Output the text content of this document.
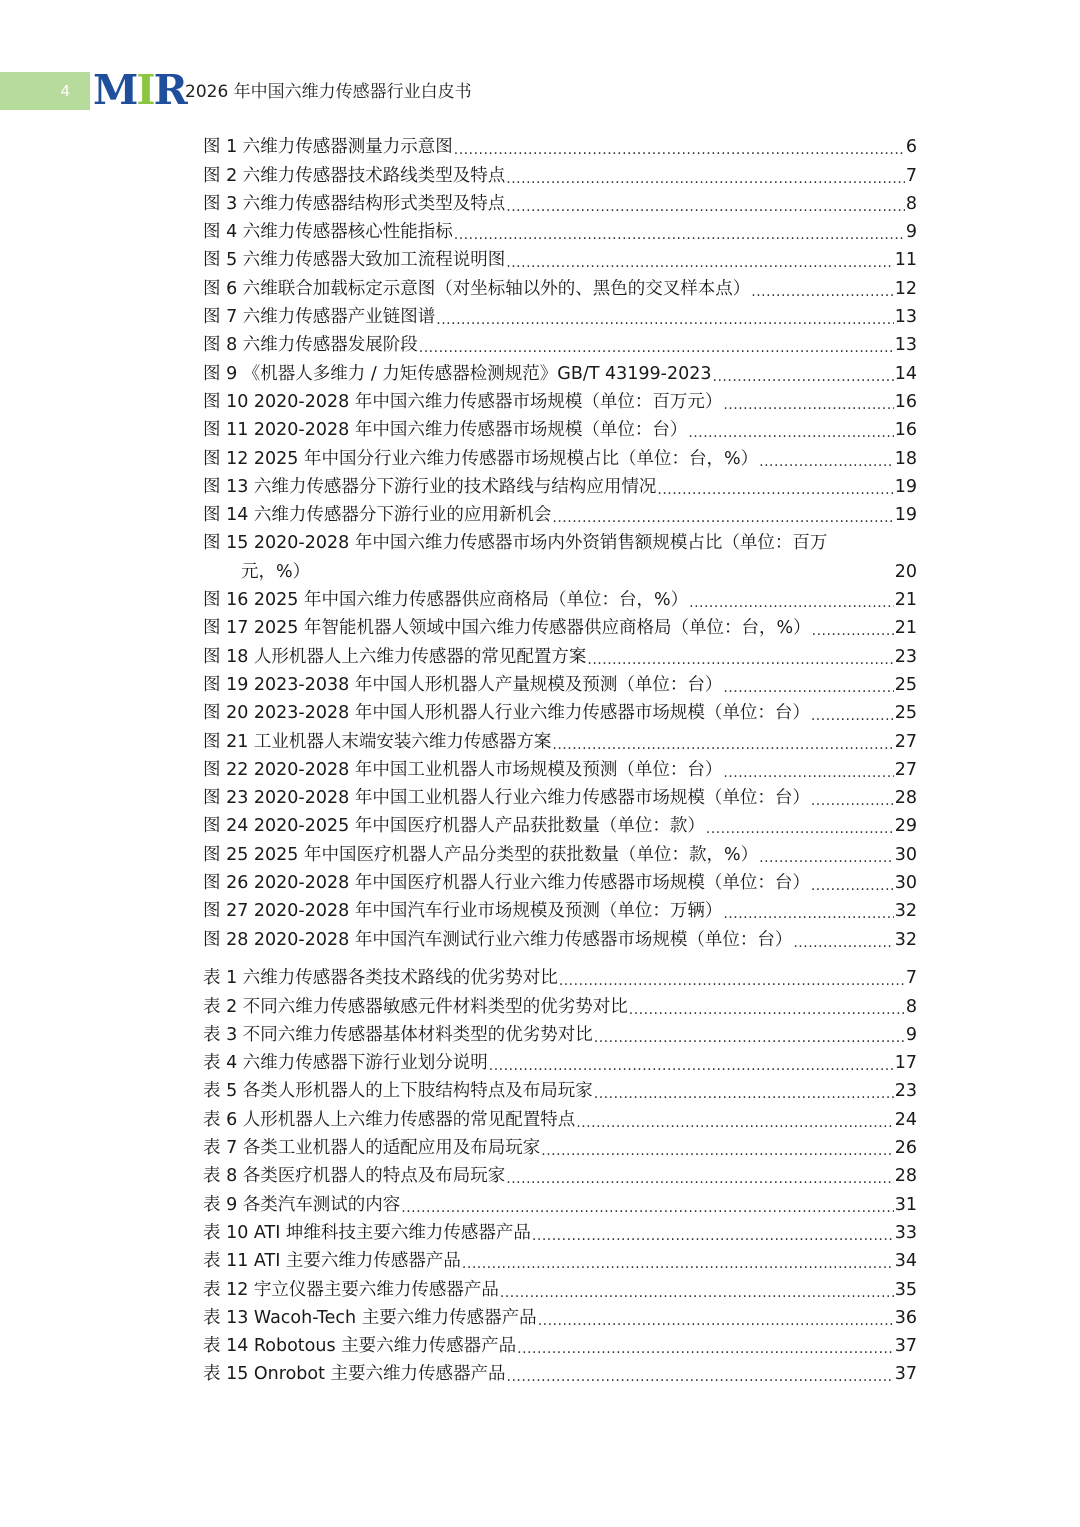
4 MIR 2026 年中国六维力传感器行业白皮书
图 1 六维力传感器测量力示意图 .....	6
图 2 六维力传感器技术路线类型及特点 .....	7
图 3 六维力传感器结构形式类型及特点 .....	8
图 4 六维力传感器核心性能指标 .....	9
图 5 六维力传感器大致加工流程说明图 .....	11
图 6 六维联合加载标定示意图（对坐标轴以外的、黑色的交叉样本点） .....	12
图 7 六维力传感器产业链图谱 .....	13
图 8 六维力传感器发展阶段 .....	13
图 9 《机器人多维力 / 力矩传感器检测规范》GB/T 43199-2023 .....	14
图 10 2020-2028 年中国六维力传感器市场规模（单位：百万元） .....	16
图 11 2020-2028 年中国六维力传感器市场规模（单位：台） .....	16
图 12 2025 年中国分行业六维力传感器市场规模占比（单位：台，%） .....	18
图 13 六维力传感器分下游行业的技术路线与结构应用情况 .....	19
图 14 六维力传感器分下游行业的应用新机会 .....	19
图 15 2020-2028 年中国六维力传感器市场内外资销售额规模占比（单位：百万
元，%）	20
图 16 2025 年中国六维力传感器供应商格局（单位：台，%） .....	21
图 17 2025 年智能机器人领域中国六维力传感器供应商格局（单位：台，%） .....	21
图 18 人形机器人上六维力传感器的常见配置方案 .....	23
图 19 2023-2038 年中国人形机器人产量规模及预测（单位：台） .....	25
图 20 2023-2028 年中国人形机器人行业六维力传感器市场规模（单位：台） .....	25
图 21 工业机器人末端安装六维力传感器方案 .....	27
图 22 2020-2028 年中国工业机器人市场规模及预测（单位：台） .....	27
图 23 2020-2028 年中国工业机器人行业六维力传感器市场规模（单位：台） .....	28
图 24 2020-2025 年中国医疗机器人产品获批数量（单位：款） .....	29
图 25 2025 年中国医疗机器人产品分类型的获批数量（单位：款，%） .....	30
图 26 2020-2028 年中国医疗机器人行业六维力传感器市场规模（单位：台） .....	30
图 27 2020-2028 年中国汽车行业市场规模及预测（单位：万辆） .....	32
图 28 2020-2028 年中国汽车测试行业六维力传感器市场规模（单位：台） .....	32
表 1 六维力传感器各类技术路线的优劣势对比 .....	7
表 2 不同六维力传感器敏感元件材料类型的优劣势对比 .....	8
表 3 不同六维力传感器基体材料类型的优劣势对比 .....	9
表 4 六维力传感器下游行业划分说明 .....	17
表 5 各类人形机器人的上下肢结构特点及布局玩家 .....	23
表 6 人形机器人上六维力传感器的常见配置特点 .....	24
表 7 各类工业机器人的适配应用及布局玩家 .....	26
表 8 各类医疗机器人的特点及布局玩家 .....	28
表 9 各类汽车测试的内容 .....	31
表 10 ATI 坤维科技主要六维力传感器产品 .....	33
表 11 ATI 主要六维力传感器产品 .....	34
表 12 宇立仪器主要六维力传感器产品 .....	35
表 13 Wacoh-Tech 主要六维力传感器产品 .....	36
表 14 Robotous 主要六维力传感器产品 .....	37
表 15 Onrobot 主要六维力传感器产品 .....	37
